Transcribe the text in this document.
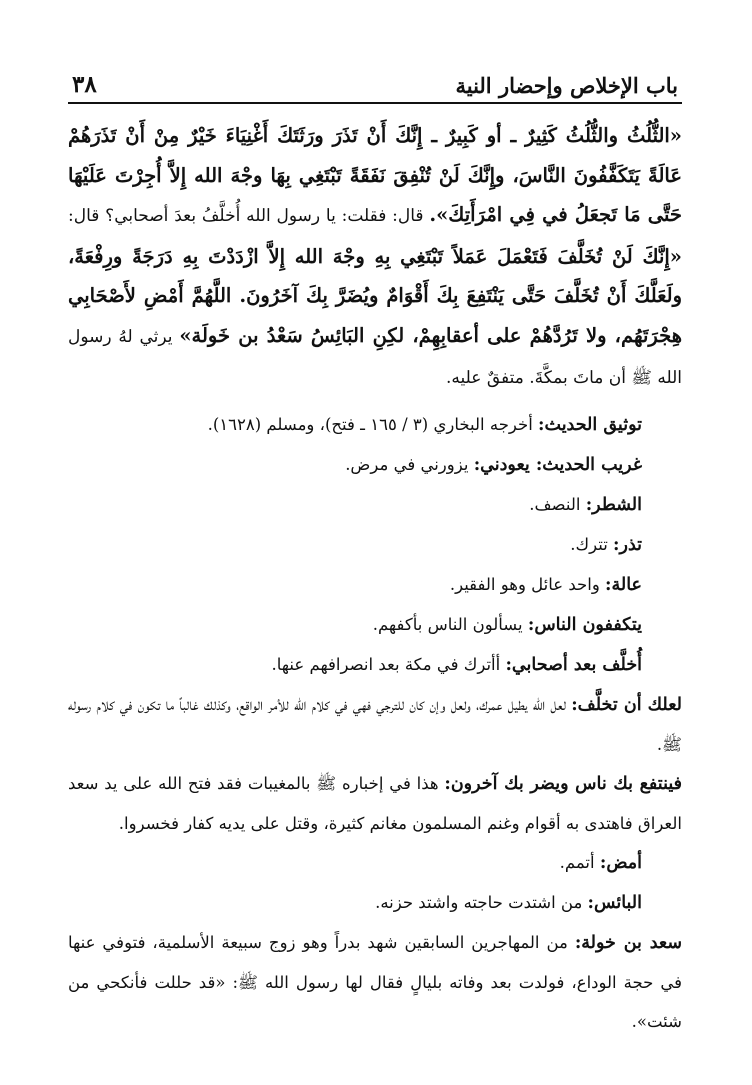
باب الإخلاص وإحضار النية
٣٨

«الثُّلُثُ والثُّلُثُ كَثِيرٌ ـ أو كَبِيرٌ ـ إِنَّكَ أَنْ تَذَرَ ورَثَتَكَ أَغْنِيَاءَ خَيْرٌ مِنْ أَنْ تَذَرَهُمْ عَالَةً يَتَكَفَّفُونَ النَّاسَ، وإِنَّكَ لَنْ تُنْفِقَ نَفَقَةً تَبْتَغِي بِهَا وجْهَ الله إِلاَّ أُجِرْتَ عَلَيْهَا حَتَّى مَا تَجعَلُ في فِي امْرَأَتِكَ». قال: فقلت: يا رسول الله أُخلَّفُ بعدَ أصحابي؟ قال: «إِنَّكَ لَنْ تُخَلَّفَ فَتَعْمَلَ عَمَلاً تَبْتَغِي بِهِ وجْهَ الله إِلاَّ ازْدَدْتَ بِهِ دَرَجَةً ورِفْعَةً، ولَعَلَّكَ أَنْ تُخَلَّفَ حَتَّى يَنْتَفِعَ بِكَ أَقْوَامٌ ويُضَرَّ بِكَ آخَرُونَ. اللَّهُمَّ أَمْضِ لأَصْحَابِي هِجْرَتَهُم، ولا تَرُدَّهُمْ على أعقابِهِمْ، لكِنِ البَائِسُ سَعْدُ بن خَولَة» يرثي لهُ رسول الله ﷺ أن ماتَ بمكَّةَ. متفقٌ عليه.

توثيق الحديث: أخرجه البخاري (٣ / ١٦٥ ـ فتح)، ومسلم (١٦٢٨).

غريب الحديث: يعودني: يزورني في مرض.

الشطر: النصف.

تذر: تترك.

عالة: واحد عائل وهو الفقير.

يتكففون الناس: يسألون الناس بأكفهم.

أُخلَّف بعد أصحابي: أأترك في مكة بعد انصرافهم عنها.

لعلك أن تخلَّف: لعل الله يطيل عمرك، ولعل وإن كان للترجي فهي في كلام الله للأمر الواقع، وكذلك غالباً ما تكون في كلام رسوله ﷺ.

فينتفع بك ناس ويضر بك آخرون: هذا في إخباره ﷺ بالمغيبات فقد فتح الله على يد سعد العراق فاهتدى به أقوام وغنم المسلمون مغانم كثيرة، وقتل على يديه كفار فخسروا.

أمض: أتمم.

البائس: من اشتدت حاجته واشتد حزنه.

سعد بن خولة: من المهاجرين السابقين شهد بدراً وهو زوج سبيعة الأسلمية، فتوفي عنها في حجة الوداع، فولدت بعد وفاته بليالٍ فقال لها رسول الله ﷺ: «قد حللت فأنكحي من شئت».
